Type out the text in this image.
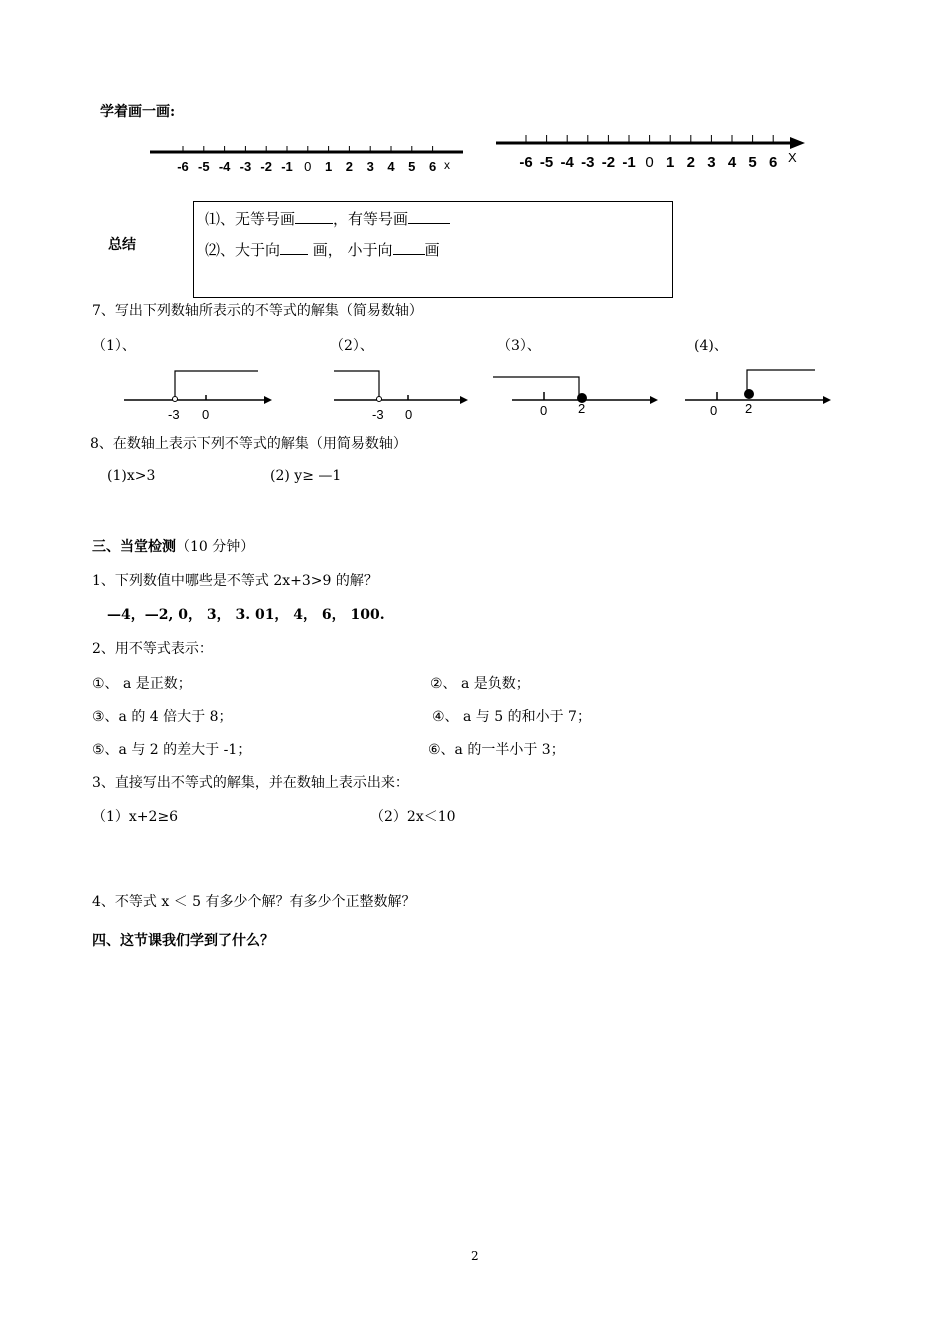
学着画一画:
-6 -5 -4 -3 -2 -1 0 1 2 3 4 5 6 x	-6 -5 -4 -3 -2 -1 0 1 2 3 4 5 6 X
总结
⑴、无等号画	，有等号画
⑵、大于向 画， 小于向 画
7、写出下列数轴所表示的不等式的解集（简易数轴）
（1）、	（2）、	（3）、	(4)、
-3 0	-3 0	0 2	0 2
8、在数轴上表示下列不等式的解集（用简易数轴）
(1)x>3	(2) y≥ —1
三、当堂检测（10 分钟）
1、下列数值中哪些是不等式 2x+3>9 的解？
—4，—2, 0， 3， 3. 01， 4， 6， 100.
2、用不等式表示：
①、 a 是正数；	②、 a 是负数；
③、a 的 4 倍大于 8；	④、 a 与 5 的和小于 7；
⑤、a 与 2 的差大于 -1；	⑥、a 的一半小于 3；
3、直接写出不等式的解集，并在数轴上表示出来：
（1）x+2≥6	（2）2x＜10
4、不等式 x ＜ 5 有多少个解？有多少个正整数解？
四、这节课我们学到了什么？
2
